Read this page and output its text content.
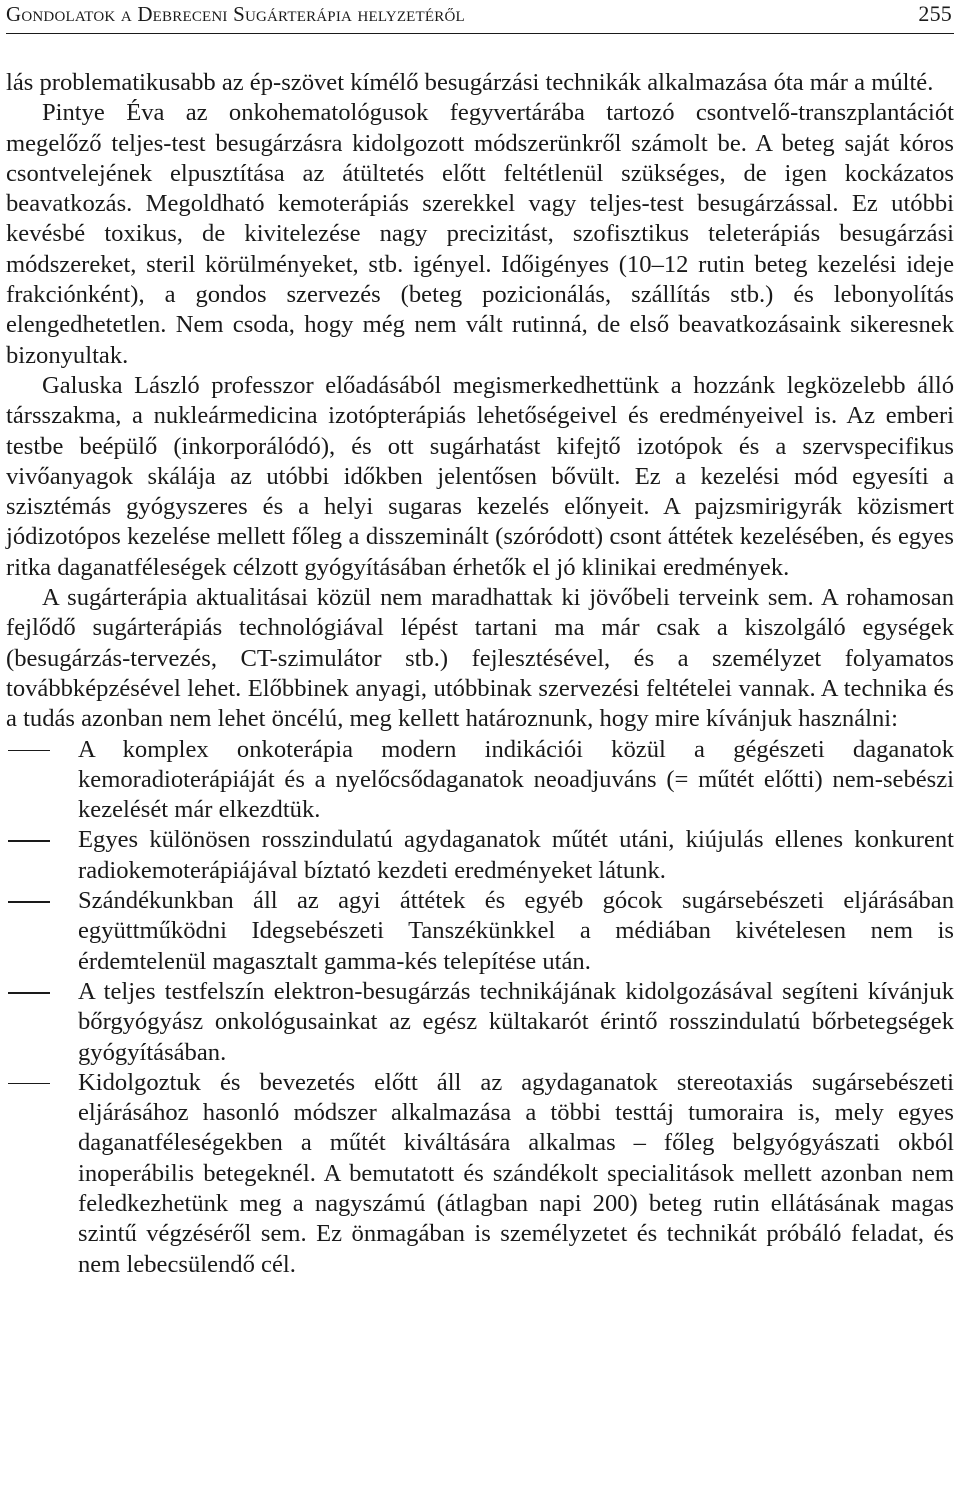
Gondolatok a Debreceni Sugárterápia helyzetéről	255

lás problematikusabb az ép-szövet kímélő besugárzási technikák alkalmazása óta már a múlté.

Pintye Éva az onkohematológusok fegyvertárába tartozó csontvelő-transzplantációt megelőző teljes-test besugárzásra kidolgozott módszerünkről számolt be. A beteg saját kóros csontvelejének elpusztítása az átültetés előtt feltétlenül szükséges, de igen kockázatos beavatkozás. Megoldható kemoterápiás szerekkel vagy teljes-test besugárzással. Ez utóbbi kevésbé toxikus, de kivitelezése nagy precizitást, szofisztikus teleterápiás besugárzási módszereket, steril körülményeket, stb. igényel. Időigényes (10–12 rutin beteg kezelési ideje frakciónként), a gondos szervezés (beteg pozicionálás, szállítás stb.) és lebonyolítás elengedhetetlen. Nem csoda, hogy még nem vált rutinná, de első beavatkozásaink sikeresnek bizonyultak.

Galuska László professzor előadásából megismerkedhettünk a hozzánk legközelebb álló társszakma, a nukleármedicina izotópterápiás lehetőségeivel és eredményeivel is. Az emberi testbe beépülő (inkorporálódó), és ott sugárhatást kifejtő izotópok és a szervspecifikus vivőanyagok skálája az utóbbi időkben jelentősen bővült. Ez a kezelési mód egyesíti a szisztémás gyógyszeres és a helyi sugaras kezelés előnyeit. A pajzsmirigyrák közismert jódizotópos kezelése mellett főleg a disszeminált (szóródott) csont áttétek kezelésében, és egyes ritka daganatféleségek célzott gyógyításában érhetők el jó klinikai eredmények.

A sugárterápia aktualitásai közül nem maradhattak ki jövőbeli terveink sem. A rohamosan fejlődő sugárterápiás technológiával lépést tartani ma már csak a kiszolgáló egységek (besugárzás-tervezés, CT-szimulátor stb.) fejlesztésével, és a személyzet folyamatos továbbképzésével lehet. Előbbinek anyagi, utóbbinak szervezési feltételei vannak. A technika és a tudás azonban nem lehet öncélú, meg kellett határoznunk, hogy mire kívánjuk használni:

A komplex onkoterápia modern indikációi közül a gégészeti daganatok kemoradioterápiáját és a nyelőcsődaganatok neoadjuváns (= műtét előtti) nem-sebészi kezelését már elkezdtük.
Egyes különösen rosszindulatú agydaganatok műtét utáni, kiújulás ellenes konkurent radiokemoterápiájával bíztató kezdeti eredményeket látunk.
Szándékunkban áll az agyi áttétek és egyéb gócok sugársebészeti eljárásában együttműködni Idegsebészeti Tanszékünkkel a médiában kivételesen nem is érdemtelenül magasztalt gamma-kés telepítése után.
A teljes testfelszín elektron-besugárzás technikájának kidolgozásával segíteni kívánjuk bőrgyógyász onkológusainkat az egész kültakarót érintő rosszindulatú bőrbetegségek gyógyításában.
Kidolgoztuk és bevezetés előtt áll az agydaganatok stereotaxiás sugársebészeti eljárásához hasonló módszer alkalmazása a többi testtáj tumoraira is, mely egyes daganatféleségekben a műtét kiváltására alkalmas – főleg belgyógyászati okból inoperábilis betegeknél. A bemutatott és szándékolt specialitások mellett azonban nem feledkezhetünk meg a nagyszámú (átlagban napi 200) beteg rutin ellátásának magas szintű végzéséről sem. Ez önmagában is személyzetet és technikát próbáló feladat, és nem lebecsülendő cél.
